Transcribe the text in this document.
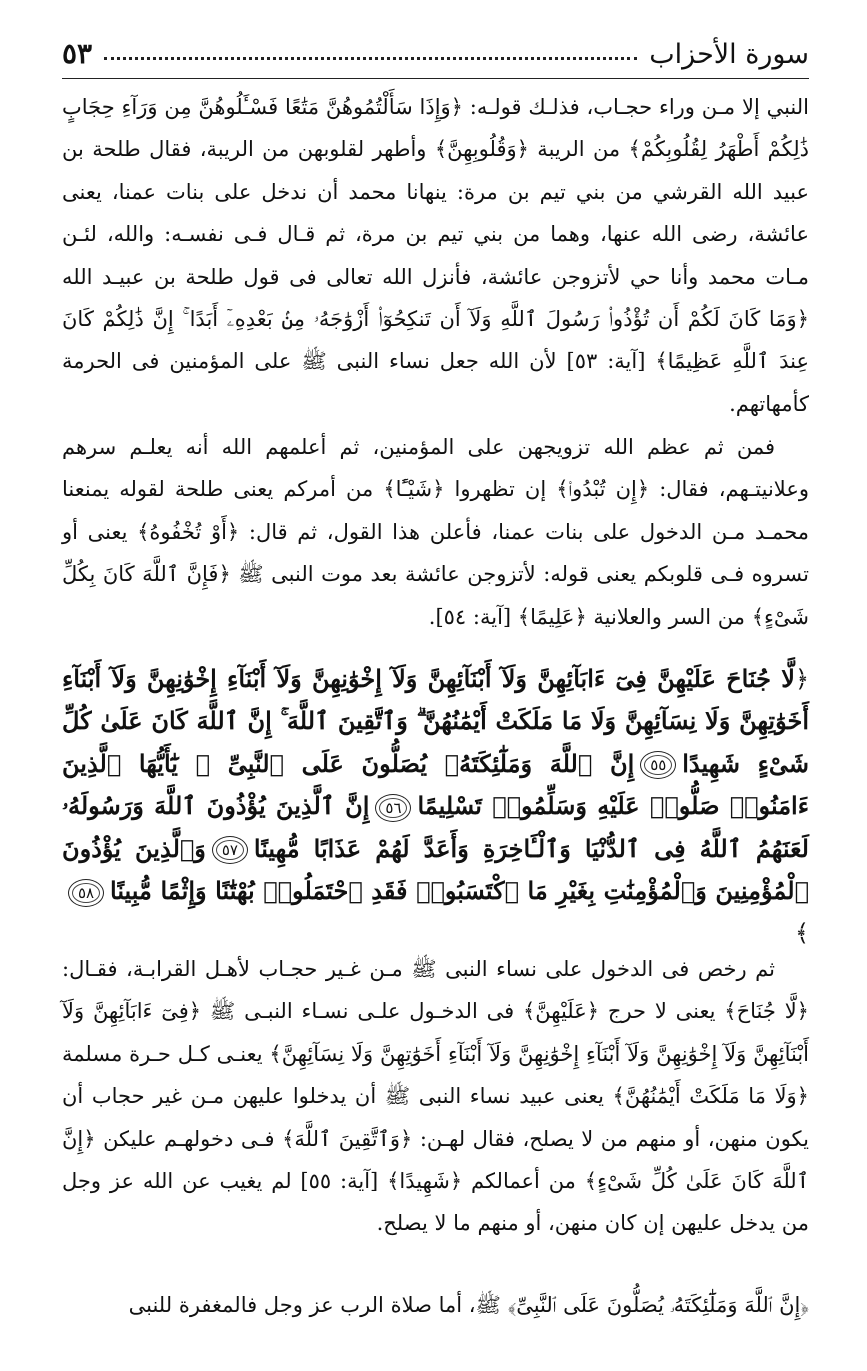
سورة الأحزاب
٥٣

النبي إلا مـن وراء حجـاب، فذلـك قولـه: ﴿وَإِذَا سَأَلْتُمُوهُنَّ مَتَٰعًا فَسْـَٔلُوهُنَّ مِن وَرَآءِ حِجَابٍ ذَٰلِكُمْ أَطْهَرُ لِقُلُوبِكُمْ﴾ من الريبة ﴿وَقُلُوبِهِنَّ﴾ وأطهر لقلوبهن من الريبة، فقال طلحة بن عبيد الله القرشي من بني تيم بن مرة: ينهانا محمد أن ندخل على بنات عمنا، يعنى عائشة، رضى الله عنها، وهما من بني تيم بن مرة، ثم قـال فـى نفسـه: والله، لئـن مـات محمد وأنا حي لأتزوجن عائشة، فأنزل الله تعالى فى قول طلحة بن عبيـد الله ﴿وَمَا كَانَ لَكُمْ أَن تُؤْذُوا۟ رَسُولَ ٱللَّهِ وَلَآ أَن تَنكِحُوٓا۟ أَزْوَٰجَهُۥ مِنۢ بَعْدِهِۦٓ أَبَدًا ۚ إِنَّ ذَٰلِكُمْ كَانَ عِندَ ٱللَّهِ عَظِيمًا﴾ [آية: ٥٣] لأن الله جعل نساء النبى ﷺ على المؤمنين فى الحرمة كأمهاتهم.

فمن ثم عظم الله تزويجهن على المؤمنين، ثم أعلمهم الله أنه يعلـم سرهم وعلانيتـهم، فقال: ﴿إِن تُبْدُوا۟﴾ إن تظهروا ﴿شَيْـًٔا﴾ من أمركم يعنى طلحة لقوله يمنعنا محمـد مـن الدخول على بنات عمنا، فأعلن هذا القول، ثم قال: ﴿أَوْ تُخْفُوهُ﴾ يعنى أو تسروه فـى قلوبكم يعنى قوله: لأتزوجن عائشة بعد موت النبى ﷺ ﴿فَإِنَّ ٱللَّهَ كَانَ بِكُلِّ شَىْءٍ﴾ من السر والعلانية ﴿عَلِيمًا﴾ [آية: ٥٤].

﴿لَّا جُنَاحَ عَلَيْهِنَّ فِىٓ ءَابَآئِهِنَّ وَلَآ أَبْنَآئِهِنَّ وَلَآ إِخْوَٰنِهِنَّ وَلَآ أَبْنَآءِ إِخْوَٰنِهِنَّ وَلَآ أَبْنَآءِ أَخَوَٰتِهِنَّ وَلَا نِسَآئِهِنَّ وَلَا مَا مَلَكَتْ أَيْمَٰنُهُنَّ ۗ وَٱتَّقِينَ ٱللَّهَ ۚ إِنَّ ٱللَّهَ كَانَ عَلَىٰ كُلِّ شَىْءٍ شَهِيدًا٥٥إِنَّ ٱللَّهَ وَمَلَٰٓئِكَتَهُۥ يُصَلُّونَ عَلَى ٱلنَّبِىِّ ۚ يَٰٓأَيُّهَا ٱلَّذِينَ ءَامَنُوا۟ صَلُّوا۟ عَلَيْهِ وَسَلِّمُوا۟ تَسْلِيمًا٥٦إِنَّ ٱلَّذِينَ يُؤْذُونَ ٱللَّهَ وَرَسُولَهُۥ لَعَنَهُمُ ٱللَّهُ فِى ٱلدُّنْيَا وَٱلْـَٔاخِرَةِ وَأَعَدَّ لَهُمْ عَذَابًا مُّهِينًا٥٧وَٱلَّذِينَ يُؤْذُونَ ٱلْمُؤْمِنِينَ وَٱلْمُؤْمِنَٰتِ بِغَيْرِ مَا ٱكْتَسَبُوا۟ فَقَدِ ٱحْتَمَلُوا۟ بُهْتَٰنًا وَإِثْمًا مُّبِينًا٥٨﴾

ثم رخص فى الدخول على نساء النبى ﷺ مـن غـير حجـاب لأهـل القرابـة، فقـال: ﴿لَّا جُنَاحَ﴾ يعنى لا حرج ﴿عَلَيْهِنَّ﴾ فى الدخـول علـى نسـاء النبـى ﷺ ﴿فِىٓ ءَابَآئِهِنَّ وَلَآ أَبْنَآئِهِنَّ وَلَآ إِخْوَٰنِهِنَّ وَلَآ أَبْنَآءِ إِخْوَٰنِهِنَّ وَلَآ أَبْنَآءِ أَخَوَٰتِهِنَّ وَلَا نِسَآئِهِنَّ﴾ يعنـى كـل حـرة مسلمة ﴿وَلَا مَا مَلَكَتْ أَيْمَٰنُهُنَّ﴾ يعنى عبيد نساء النبى ﷺ أن يدخلوا عليهن مـن غير حجاب أن يكون منهن، أو منهم من لا يصلح، فقال لهـن: ﴿وَٱتَّقِينَ ٱللَّهَ﴾ فـى دخولهـم عليكن ﴿إِنَّ ٱللَّهَ كَانَ عَلَىٰ كُلِّ شَىْءٍ﴾ من أعمالكم ﴿شَهِيدًا﴾ [آية: ٥٥] لم يغيب عن الله عز وجل من يدخل عليهن إن كان منهن، أو منهم ما لا يصلح.

﴿إِنَّ ٱللَّهَ وَمَلَٰٓئِكَتَهُۥ يُصَلُّونَ عَلَى ٱلنَّبِىِّ﴾ ﷺ، أما صلاة الرب عز وجل فالمغفرة للنبى
